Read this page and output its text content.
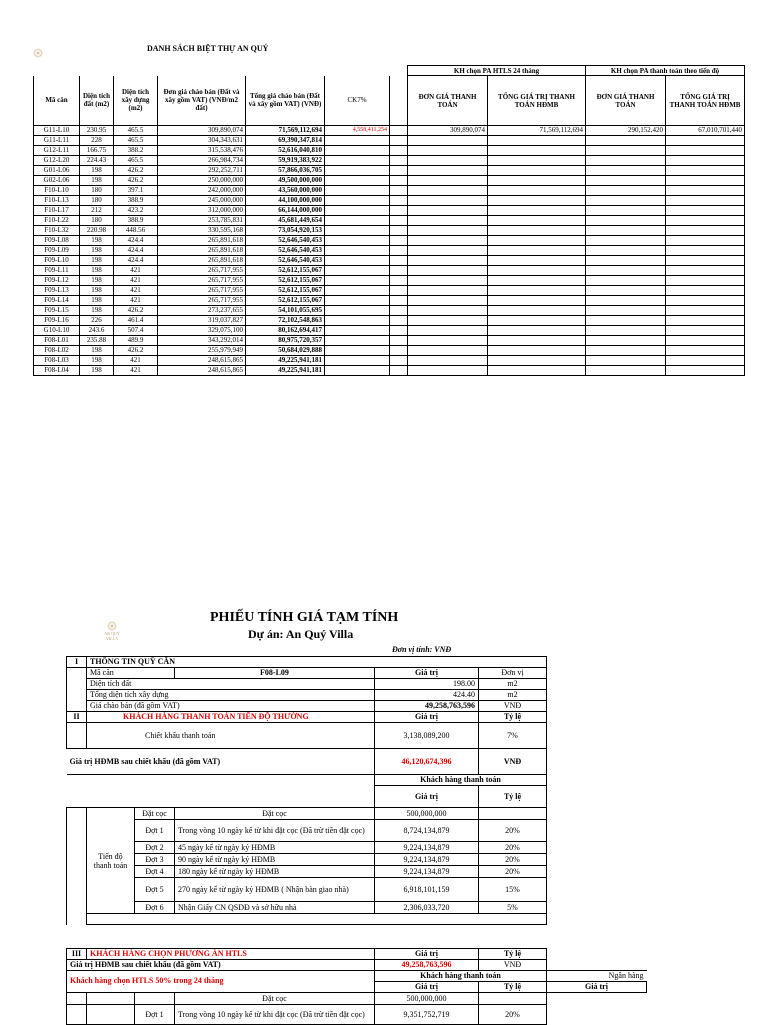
DANH SÁCH BIỆT THỰ AN QUÝ
							KH chọn PA HTLS 24 tháng		KH chọn PA thanh toán theo tiến độ	
Mã căn	Diện tích đất (m2)	Diện tích xây dựng (m2)	Đơn giá chào bán (Đất và xây gồm VAT) (VNĐ/m2 đất)	Tổng giá chào bán (Đất và xây gồm VAT) (VNĐ)	CK7%		ĐƠN GIÁ THANH TOÁN	TỔNG GIÁ TRỊ THANH TOÁN HĐMB	ĐƠN GIÁ THANH TOÁN	TỔNG GIÁ TRỊ THANH TOÁN HĐMB
G11-L10	230.95	465.5	309,890,074	71,569,112,694	4,558,411,254		309,890,074	71,569,112,694	290,152,420	67,010,701,440
G11-L11	228	465.5	304,343,631	69,390,347,814						
G12-L11	166.75	388.2	315,538,476	52,616,040,810						
G12-L20	224.43	465.5	266,984,734	59,919,383,922						
G01-L06	198	426.2	292,252,711	57,866,036,705						
G02-L06	198	426.2	250,000,000	49,500,000,000						
F10-L10	180	397.1	242,000,000	43,560,000,000						
F10-L13	180	388.9	245,000,000	44,100,000,000						
F10-L17	212	423.2	312,000,000	66,144,000,000						
F10-L22	180	388.9	253,785,831	45,681,449,654						
F10-L32	220.98	448.56	330,595,168	73,054,920,153						
F09-L08	198	424.4	265,891,618	52,646,540,453						
F09-L09	198	424.4	265,891,618	52,646,540,453						
F09-L10	198	424.4	265,891,618	52,646,540,453						
F09-L11	198	421	265,717,955	52,612,155,067						
F09-L12	198	421	265,717,955	52,612,155,067						
F09-L13	198	421	265,717,955	52,612,155,067						
F09-L14	198	421	265,717,955	52,612,155,067						
F09-L15	198	426.2	273,237,655	54,101,055,695						
F09-L16	226	461.4	319,037,827	72,102,548,863						
G10-L10	243.6	507.4	329,075,100	80,162,694,417						
F08-L01	235.88	489.9	343,292,014	80,975,720,357						
F08-L02	198	426.2	255,979,949	50,684,029,888						
F08-L03	198	421	248,615,865	49,225,941,181						
F08-L04	198	421	248,615,865	49,225,941,181						
AN QUÝ VILLA
PHIẾU TÍNH GIÁ TẠM TÍNH
Dự án: An Quý Villa
Đơn vị tính: VNĐ
I	THÔNG TIN QUỸ CĂN				
	Mã căn		F08-L09	Giá trị	Đơn vị
	Diện tích đất			198.00	m2
	Tổng diện tích xây dựng			424.40	m2
	Giá chào bán (đã gồm VAT)			49,258,763,596	VNĐ
II	KHÁCH HÀNG THANH TOÁN TIẾN ĐỘ THƯỜNG			Giá trị	Tỷ lệ
	Chiết khấu thanh toán			3,138,089,200	7%
Giá trị HĐMB sau chiết khấu (đã gồm VAT)				46,120,674,396	VNĐ
				Khách hàng thanh toán	
				Giá trị	Tỷ lệ
	Tiến độ thanh toán	Đặt cọc	Đặt cọc	500,000,000	
		Đợt 1	Trong vòng 10 ngày kể từ khi đặt cọc (Đã trừ tiền đặt cọc)	8,724,134,879	20%
		Đợt 2	45 ngày kể từ ngày ký HĐMB	9,224,134,879	20%
		Đợt 3	90 ngày kể từ ngày ký HĐMB	9,224,134,879	20%
		Đợt 4	180 ngày kể từ ngày ký HĐMB	9,224,134,879	20%
		Đợt 5	270 ngày kể từ ngày ký HĐMB ( Nhận bàn giao nhà)	6,918,101,159	15%
		Đợt 6	Nhận Giấy CN QSDĐ và sở hữu nhà	2,306,033,720	5%

III	KHÁCH HÀNG CHỌN PHƯƠNG ÁN HTLS			Giá trị	Tỷ lệ	
Giá trị HĐMB sau chiết khấu (đã gồm VAT)				49,258,763,596	VNĐ	
Khách hàng chọn HTLS 50% trong 24 tháng				Khách hàng thanh toán		Ngân hàng
				Giá trị	Tỷ lệ	Giá trị
			Đặt cọc	500,000,000		
		Đợt 1	Trong vòng 10 ngày kể từ khi đặt cọc (Đã trừ tiền đặt cọc)	9,351,752,719	20%	
